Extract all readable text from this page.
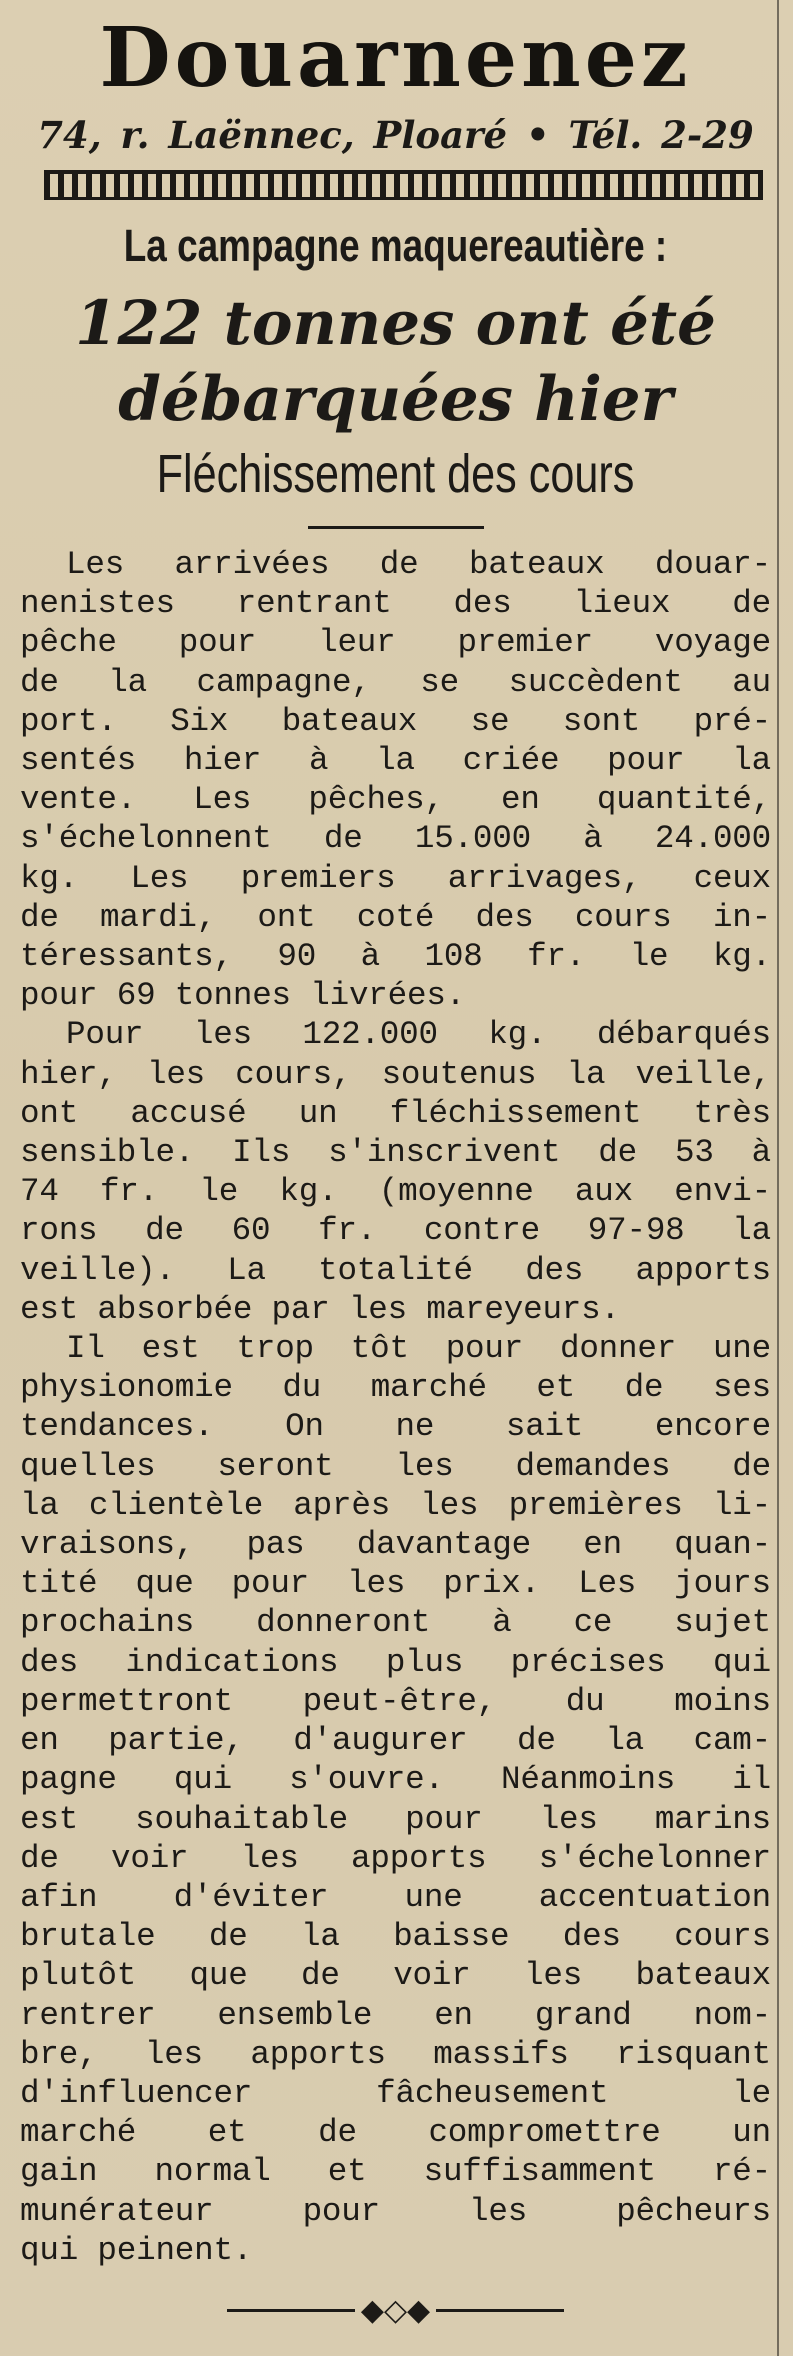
Douarnenez
74, r. Laënnec, Ploaré • Tél. 2-29
La campagne maquereautière :
122 tonnes ont été
débarquées hier
Fléchissement des cours

Les arrivées de bateaux douar-
nenistes rentrant des lieux de
pêche pour leur premier voyage
de la campagne, se succèdent au
port. Six bateaux se sont pré-
sentés hier à la criée pour la
vente. Les pêches, en quantité,
s'échelonnent de 15.000 à 24.000
kg. Les premiers arrivages, ceux
de mardi, ont coté des cours in-
téressants, 90 à 108 fr. le kg.
pour 69 tonnes livrées.

Pour les 122.000 kg. débarqués
hier, les cours, soutenus la veille,
ont accusé un fléchissement très
sensible. Ils s'inscrivent de 53 à
74 fr. le kg. (moyenne aux envi-
rons de 60 fr. contre 97-98 la
veille). La totalité des apports
est absorbée par les mareyeurs.

Il est trop tôt pour donner une
physionomie du marché et de ses
tendances. On ne sait encore
quelles seront les demandes de
la clientèle après les premières li-
vraisons, pas davantage en quan-
tité que pour les prix. Les jours
prochains donneront à ce sujet
des indications plus précises qui
permettront peut-être, du moins
en partie, d'augurer de la cam-
pagne qui s'ouvre. Néanmoins il
est souhaitable pour les marins
de voir les apports s'échelonner
afin d'éviter une accentuation
brutale de la baisse des cours
plutôt que de voir les bateaux
rentrer ensemble en grand nom-
bre, les apports massifs risquant
d'influencer fâcheusement le
marché et de compromettre un
gain normal et suffisamment ré-
munérateur pour les pêcheurs
qui peinent.

◆◇◆
